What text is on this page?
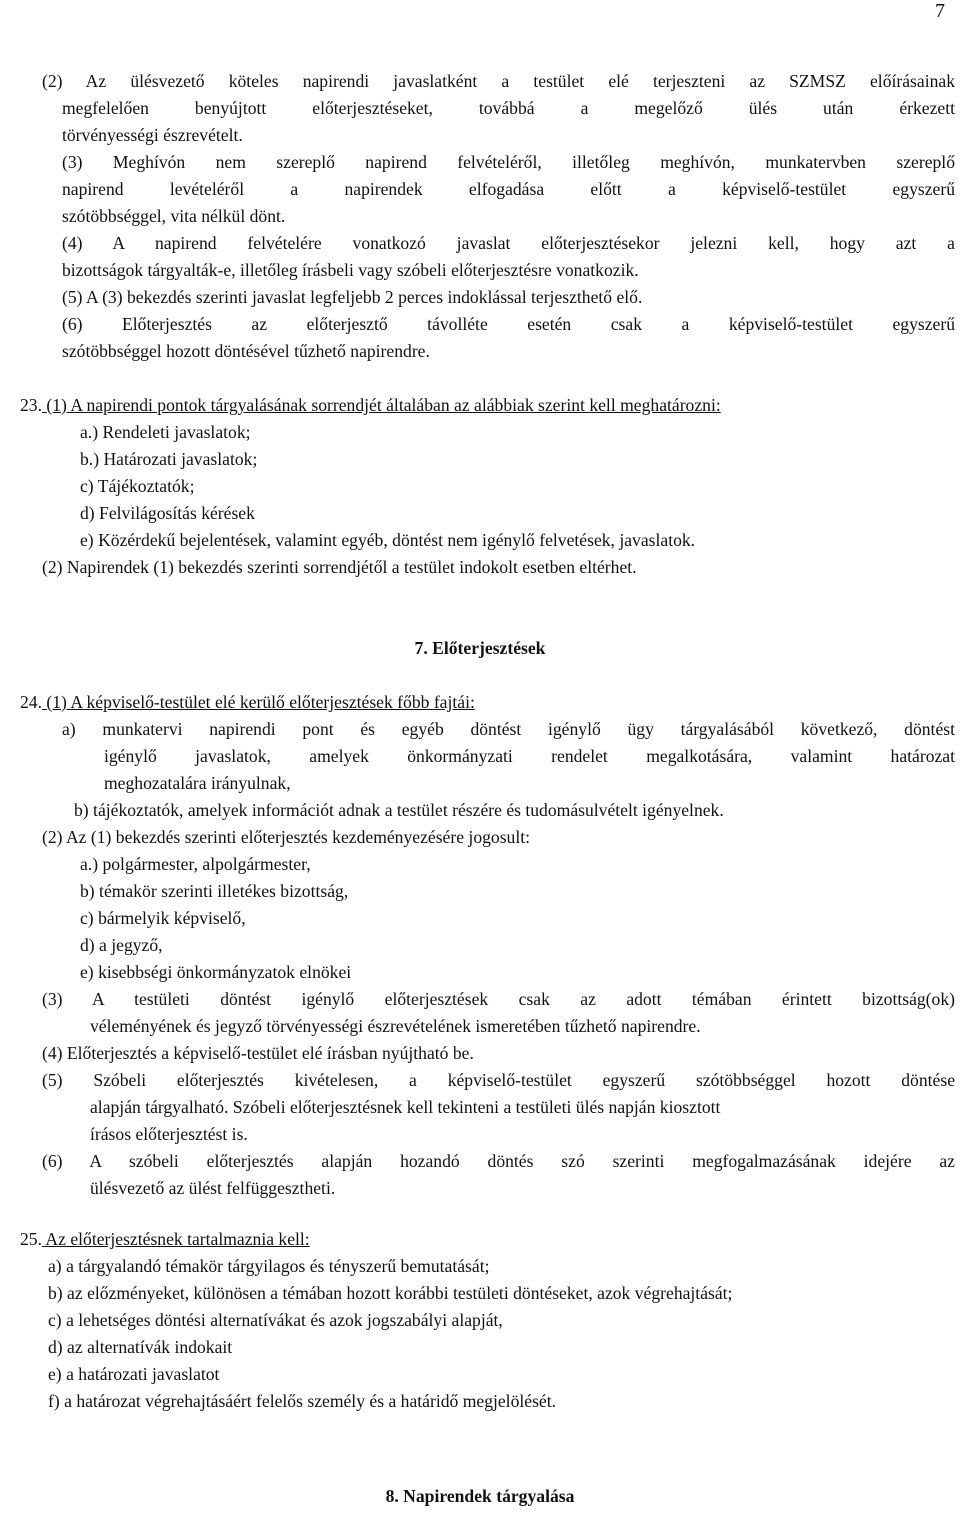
7
(2) Az ülésvezető köteles napirendi javaslatként a testület elé terjeszteni az SZMSZ előírásainak
megfelelően benyújtott előterjesztéseket, továbbá a megelőző ülés után érkezett
törvényességi észrevételt.
(3) Meghívón nem szereplő napirend felvételéről, illetőleg meghívón, munkatervben szereplő
napirend levételéről a napirendek elfogadása előtt a képviselő-testület egyszerű
szótöbbséggel, vita nélkül dönt.
(4) A napirend felvételére vonatkozó javaslat előterjesztésekor jelezni kell, hogy azt a
bizottságok tárgyalták-e, illetőleg írásbeli vagy szóbeli előterjesztésre vonatkozik.
(5) A (3) bekezdés szerinti javaslat legfeljebb 2 perces indoklással terjeszthető elő.
(6) Előterjesztés az előterjesztő távolléte esetén csak a képviselő-testület egyszerű
szótöbbséggel hozott döntésével tűzhető napirendre.
23. (1) A napirendi pontok tárgyalásának sorrendjét általában az alábbiak szerint kell meghatározni:
a.) Rendeleti javaslatok;
b.) Határozati javaslatok;
c) Tájékoztatók;
d) Felvilágosítás kérések
e) Közérdekű bejelentések, valamint egyéb, döntést nem igénylő felvetések, javaslatok.
(2) Napirendek (1) bekezdés szerinti sorrendjétől a testület indokolt esetben eltérhet.
7. Előterjesztések
24. (1) A képviselő-testület elé kerülő előterjesztések főbb fajtái:
a) munkatervi napirendi pont és egyéb döntést igénylő ügy tárgyalásából következő, döntést
igénylő javaslatok, amelyek önkormányzati rendelet megalkotására, valamint határozat
meghozatalára irányulnak,
b) tájékoztatók, amelyek információt adnak a testület részére és tudomásulvételt igényelnek.
(2) Az (1) bekezdés szerinti előterjesztés kezdeményezésére jogosult:
a.) polgármester, alpolgármester,
b) témakör szerinti illetékes bizottság,
c) bármelyik képviselő,
d) a jegyző,
e) kisebbségi önkormányzatok elnökei
(3) A testületi döntést igénylő előterjesztések csak az adott témában érintett bizottság(ok)
véleményének és jegyző törvényességi észrevételének ismeretében tűzhető napirendre.
(4) Előterjesztés a képviselő-testület elé írásban nyújtható be.
(5) Szóbeli előterjesztés kivételesen, a képviselő-testület egyszerű szótöbbséggel hozott döntése
alapján tárgyalható. Szóbeli előterjesztésnek kell tekinteni a testületi ülés napján kiosztott
írásos előterjesztést is.
(6) A szóbeli előterjesztés alapján hozandó döntés szó szerinti megfogalmazásának idejére az
ülésvezető az ülést felfüggesztheti.
25. Az előterjesztésnek tartalmaznia kell:
a) a tárgyalandó témakör tárgyilagos és tényszerű bemutatását;
b) az előzményeket, különösen a témában hozott korábbi testületi döntéseket, azok végrehajtását;
c) a lehetséges döntési alternatívákat és azok jogszabályi alapját,
d) az alternatívák indokait
e) a határozati javaslatot
f) a határozat végrehajtásáért felelős személy és a határidő megjelölését.
8. Napirendek tárgyalása
